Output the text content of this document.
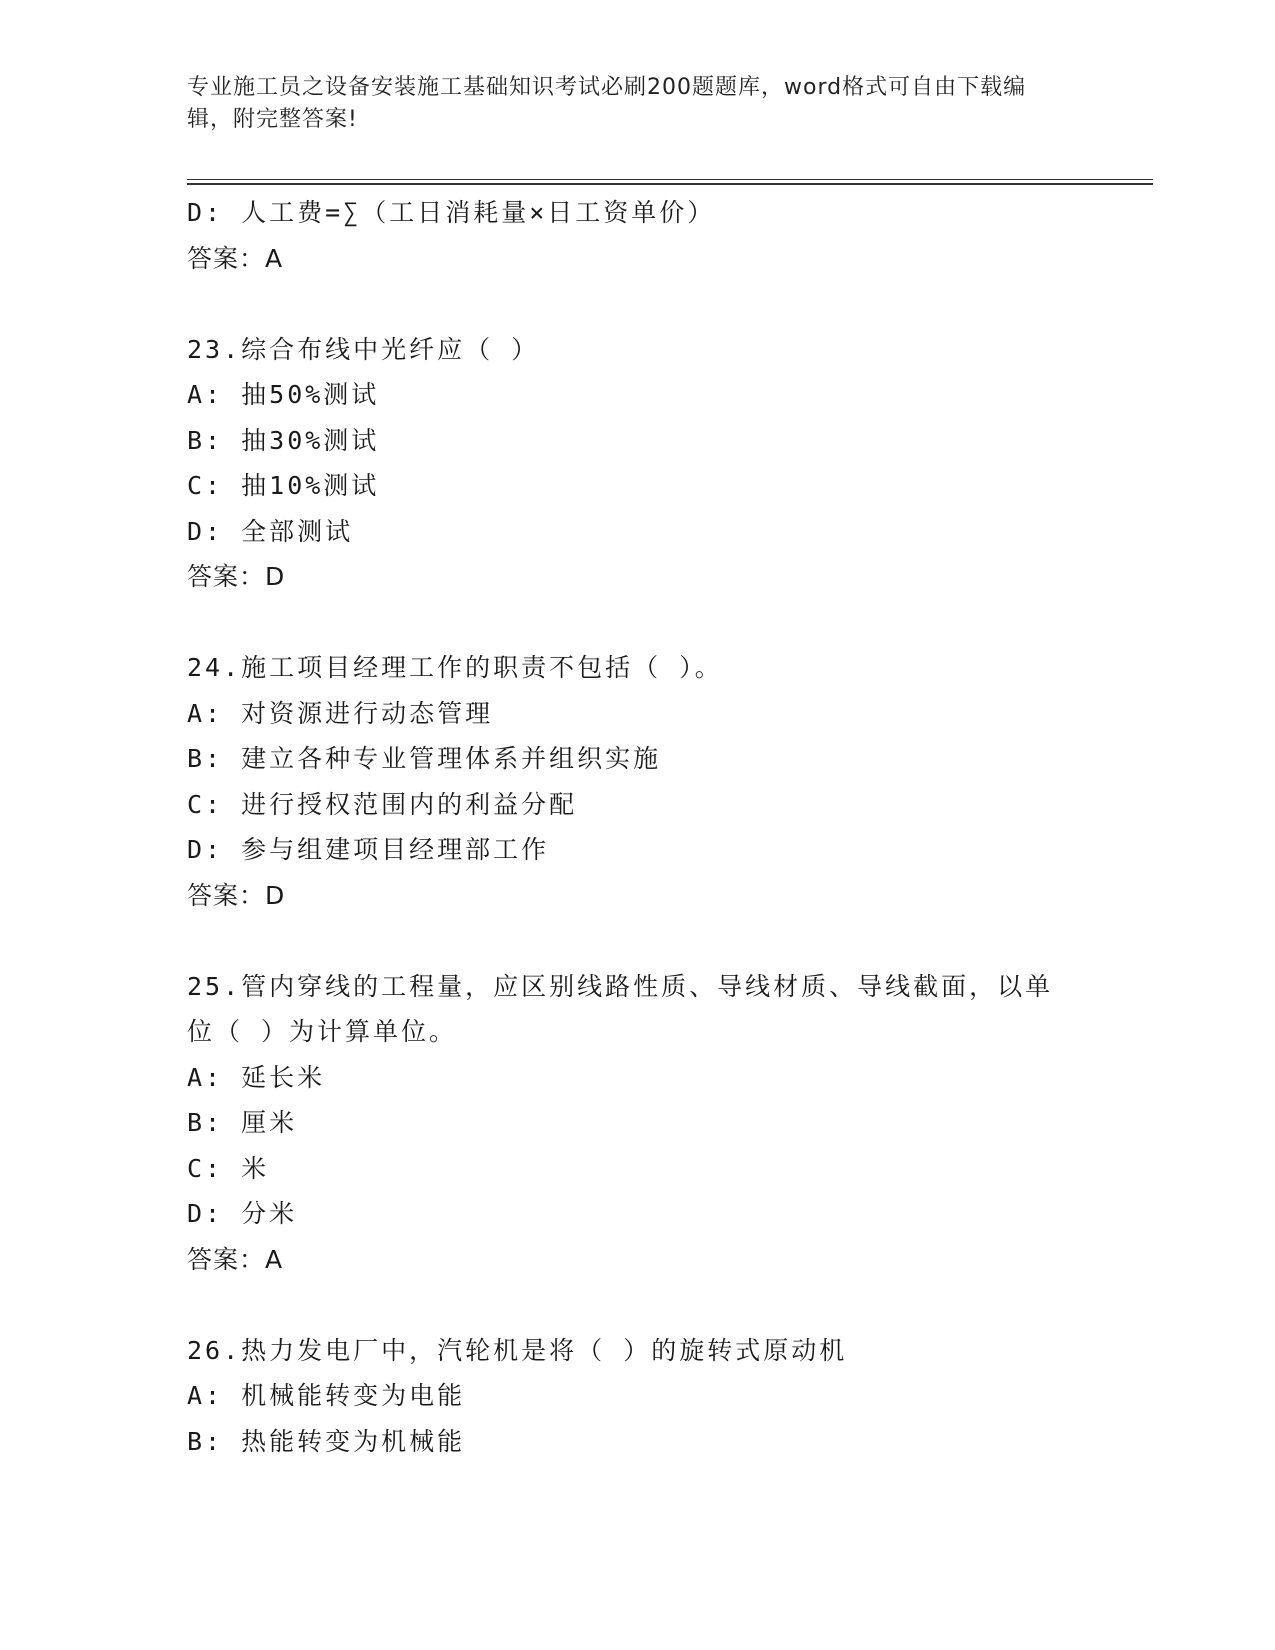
专业施工员之设备安装施工基础知识考试必刷200题题库，word格式可自由下载编辑，附完整答案!
D: 人工费=∑（工日消耗量×日工资单价）
答案：A
23.综合布线中光纤应（ ）
A: 抽50%测试
B: 抽30%测试
C: 抽10%测试
D: 全部测试
答案：D
24.施工项目经理工作的职责不包括（ ）。
A: 对资源进行动态管理
B: 建立各种专业管理体系并组织实施
C: 进行授权范围内的利益分配
D: 参与组建项目经理部工作
答案：D
25.管内穿线的工程量，应区别线路性质、导线材质、导线截面，以单位（ ）为计算单位。
A: 延长米
B: 厘米
C: 米
D: 分米
答案：A
26.热力发电厂中，汽轮机是将（ ）的旋转式原动机
A: 机械能转变为电能
B: 热能转变为机械能
